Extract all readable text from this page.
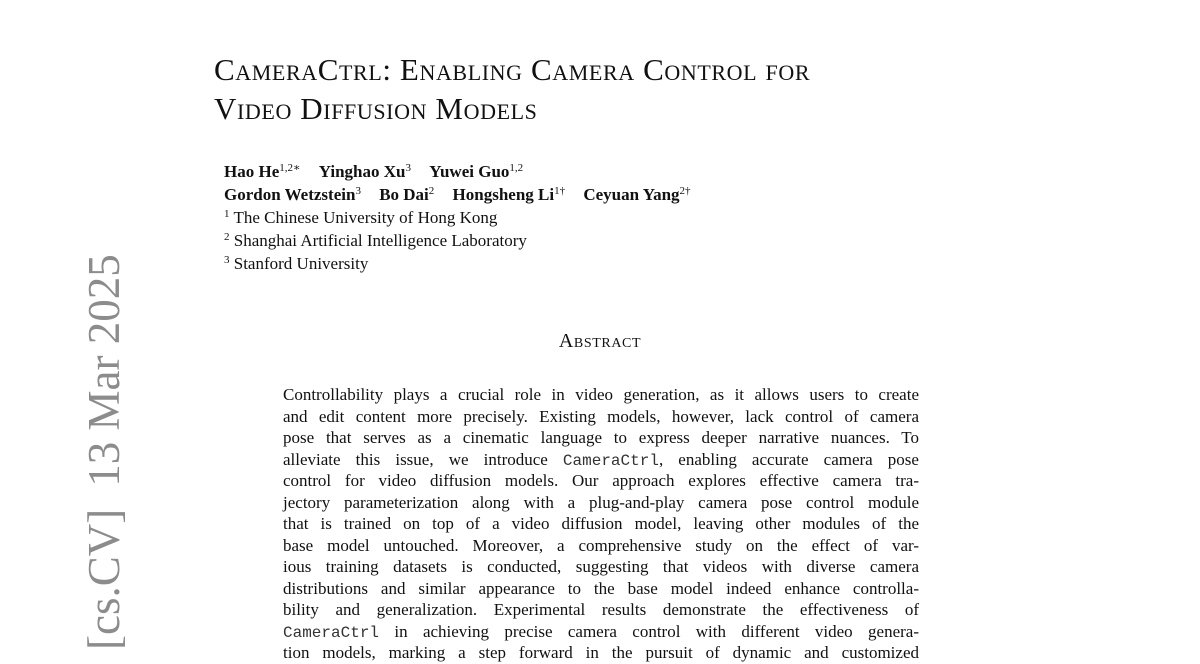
[cs.CV]13 Mar 2025
CameraCtrl: Enabling Camera Control for
Video Diffusion Models
Hao $He^{1,2∗}$ Yinghao Xu$^3$ Yuwei Guo$^{1,2}$
Gordon Wetzstein$^3$ Bo Dai$^2$ Hongsheng $Li^{1\dagger}$ Ceyuan Yang$^{2\dagger}$
$^1$ The Chinese University of Hong Kong
$^2$ Shanghai Artificial Intelligence Laboratory
$^3$ Stanford University
Abstract
Controllability plays a crucial role in video generation, as it allows users to create
and edit content more precisely. Existing models, however, lack control of camera
pose that serves as a cinematic language to express deeper narrative nuances. To
alleviate this issue, we introduce CameraCtrl, enabling accurate camera pose
control for video diffusion models. Our approach explores effective camera tra-
jectory parameterization along with a plug-and-play camera pose control module
that is trained on top of a video diffusion model, leaving other modules of the
base model untouched. Moreover, a comprehensive study on the effect of var-
ious training datasets is conducted, suggesting that videos with diverse camera
distributions and similar appearance to the base model indeed enhance controlla-
bility and generalization. Experimental results demonstrate the effectiveness of
CameraCtrl in achieving precise camera control with different video genera-
tion models, marking a step forward in the pursuit of dynamic and customized
